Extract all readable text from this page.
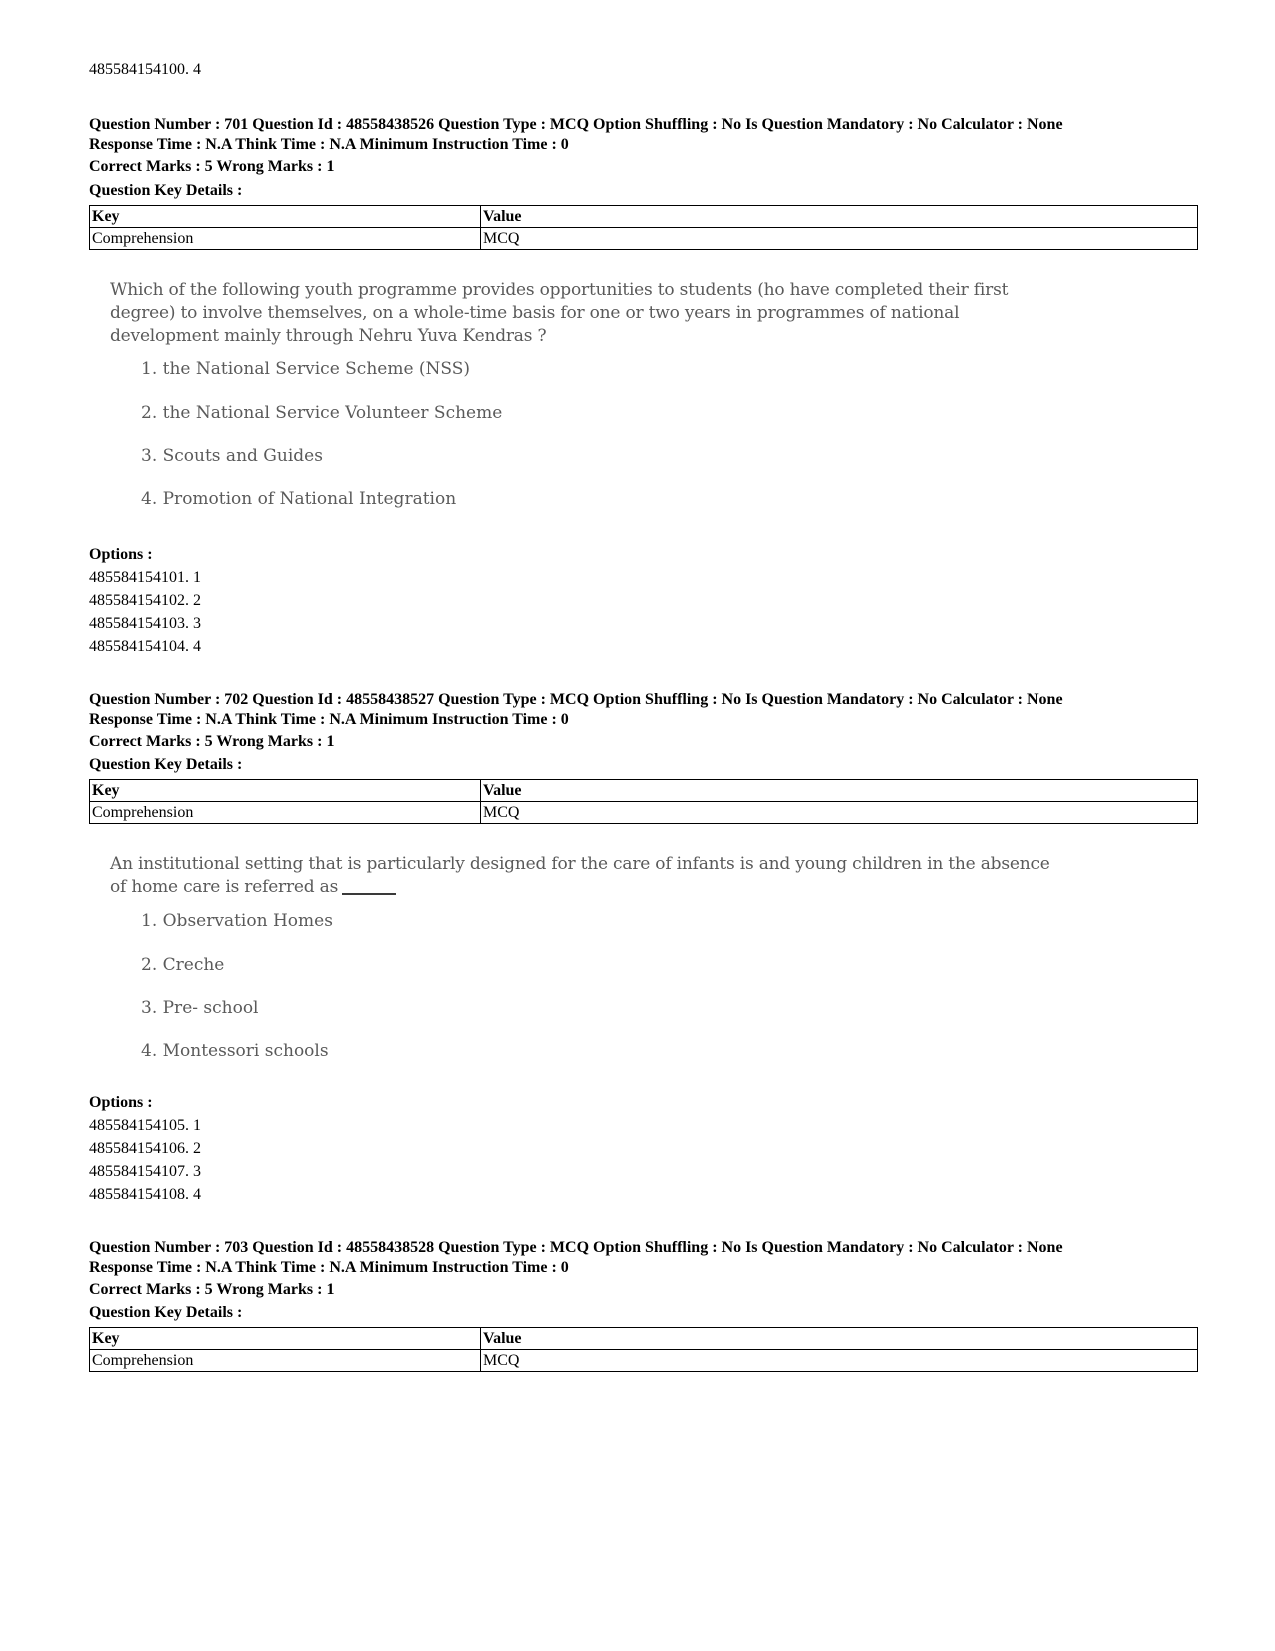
485584154100. 4
Question Number : 701 Question Id : 48558438526 Question Type : MCQ Option Shuffling : No Is Question Mandatory : No Calculator : None
Response Time : N.A Think Time : N.A Minimum Instruction Time : 0
Correct Marks : 5 Wrong Marks : 1
Question Key Details :
Key	Value
Comprehension	MCQ
Which of the following youth programme provides opportunities to students (ho have completed their first
degree) to involve themselves, on a whole-time basis for one or two years in programmes of national
development mainly through Nehru Yuva Kendras ?
1. the National Service Scheme (NSS)
2. the National Service Volunteer Scheme
3. Scouts and Guides
4. Promotion of National Integration
Options :
485584154101. 1
485584154102. 2
485584154103. 3
485584154104. 4
Question Number : 702 Question Id : 48558438527 Question Type : MCQ Option Shuffling : No Is Question Mandatory : No Calculator : None
Response Time : N.A Think Time : N.A Minimum Instruction Time : 0
Correct Marks : 5 Wrong Marks : 1
Question Key Details :
Key	Value
Comprehension	MCQ
An institutional setting that is particularly designed for the care of infants is and young children in the absence
of home care is referred as
1. Observation Homes
2. Creche
3. Pre- school
4. Montessori schools
Options :
485584154105. 1
485584154106. 2
485584154107. 3
485584154108. 4
Question Number : 703 Question Id : 48558438528 Question Type : MCQ Option Shuffling : No Is Question Mandatory : No Calculator : None
Response Time : N.A Think Time : N.A Minimum Instruction Time : 0
Correct Marks : 5 Wrong Marks : 1
Question Key Details :
Key	Value
Comprehension	MCQ
